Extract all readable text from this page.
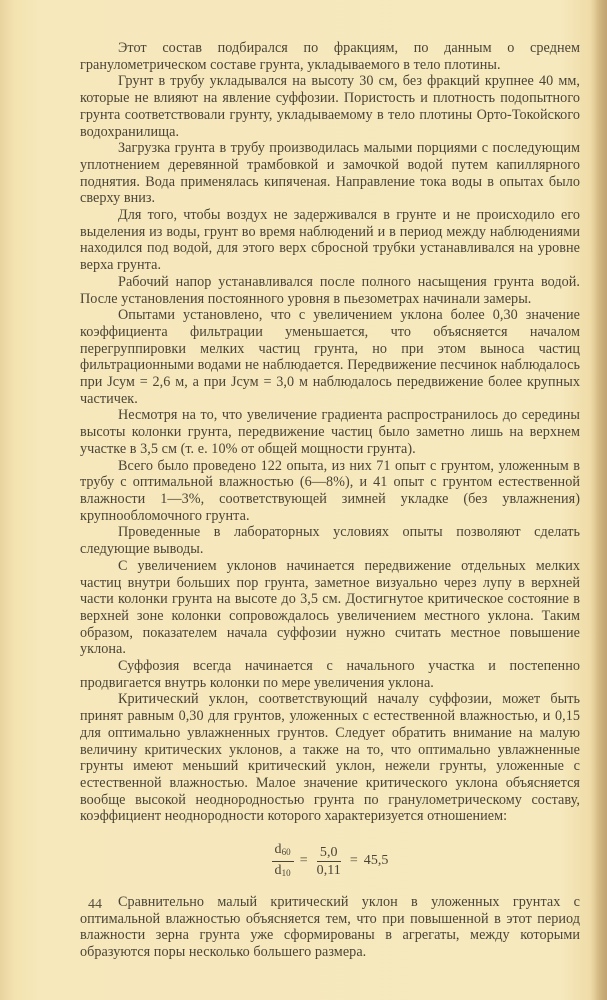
Этот состав подбирался по фракциям, по данным о среднем гранулометрическом составе грунта, укладываемого в тело плотины.

Грунт в трубу укладывался на высоту 30 см, без фракций крупнее 40 мм, которые не влияют на явление суффозии. Пористость и плотность подопытного грунта соответствовали грунту, укладываемому в тело плотины Орто-Токойского водохранилища.

Загрузка грунта в трубу производилась малыми порциями с последующим уплотнением деревянной трамбовкой и замочкой водой путем капиллярного поднятия. Вода применялась кипяченая. Направление тока воды в опытах было сверху вниз.

Для того, чтобы воздух не задерживался в грунте и не происходило его выделения из воды, грунт во время наблюдений и в период между наблюдениями находился под водой, для этого верх сбросной трубки устанавливался на уровне верха грунта.

Рабочий напор устанавливался после полного насыщения грунта водой. После установления постоянного уровня в пьезометрах начинали замеры.

Опытами установлено, что с увеличением уклона более 0,30 значение коэффициента фильтрации уменьшается, что объясняется началом перегруппировки мелких частиц грунта, но при этом выноса частиц фильтрационными водами не наблюдается. Передвижение песчинок наблюдалось при Jсум = 2,6 м, а при Jсум = 3,0 м наблюдалось передвижение более крупных частичек.

Несмотря на то, что увеличение градиента распространилось до середины высоты колонки грунта, передвижение частиц было заметно лишь на верхнем участке в 3,5 см (т. е. 10% от общей мощности грунта).

Всего было проведено 122 опыта, из них 71 опыт с грунтом, уложенным в трубу с оптимальной влажностью (6—8%), и 41 опыт с грунтом естественной влажности 1—3%, соответствующей зимней укладке (без увлажнения) крупнообломочного грунта.

Проведенные в лабораторных условиях опыты позволяют сделать следующие выводы.

С увеличением уклонов начинается передвижение отдельных мелких частиц внутри больших пор грунта, заметное визуально через лупу в верхней части колонки грунта на высоте до 3,5 см. Достигнутое критическое состояние в верхней зоне колонки сопровождалось увеличением местного уклона. Таким образом, показателем начала суффозии нужно считать местное повышение уклона.

Суффозия всегда начинается с начального участка и постепенно продвигается внутрь колонки по мере увеличения уклона.

Критический уклон, соответствующий началу суффозии, может быть принят равным 0,30 для грунтов, уложенных с естественной влажностью, и 0,15 для оптимально увлажненных грунтов. Следует обратить внимание на малую величину критических уклонов, а также на то, что оптимально увлажненные грунты имеют меньший критический уклон, нежели грунты, уложенные с естественной влажностью. Малое значение критического уклона объясняется вообще высокой неоднородностью грунта по гранулометрическому составу, коэффициент неоднородности которого характеризуется отношением:

$\frac{d_{60}}{d_{10}} = \frac{5,0}{0,11} = 45,5$

Сравнительно малый критический уклон в уложенных грунтах с оптимальной влажностью объясняется тем, что при повышенной в этот период влажности зерна грунта уже сформированы в агрегаты, между которыми образуются поры несколько большего размера.

44
